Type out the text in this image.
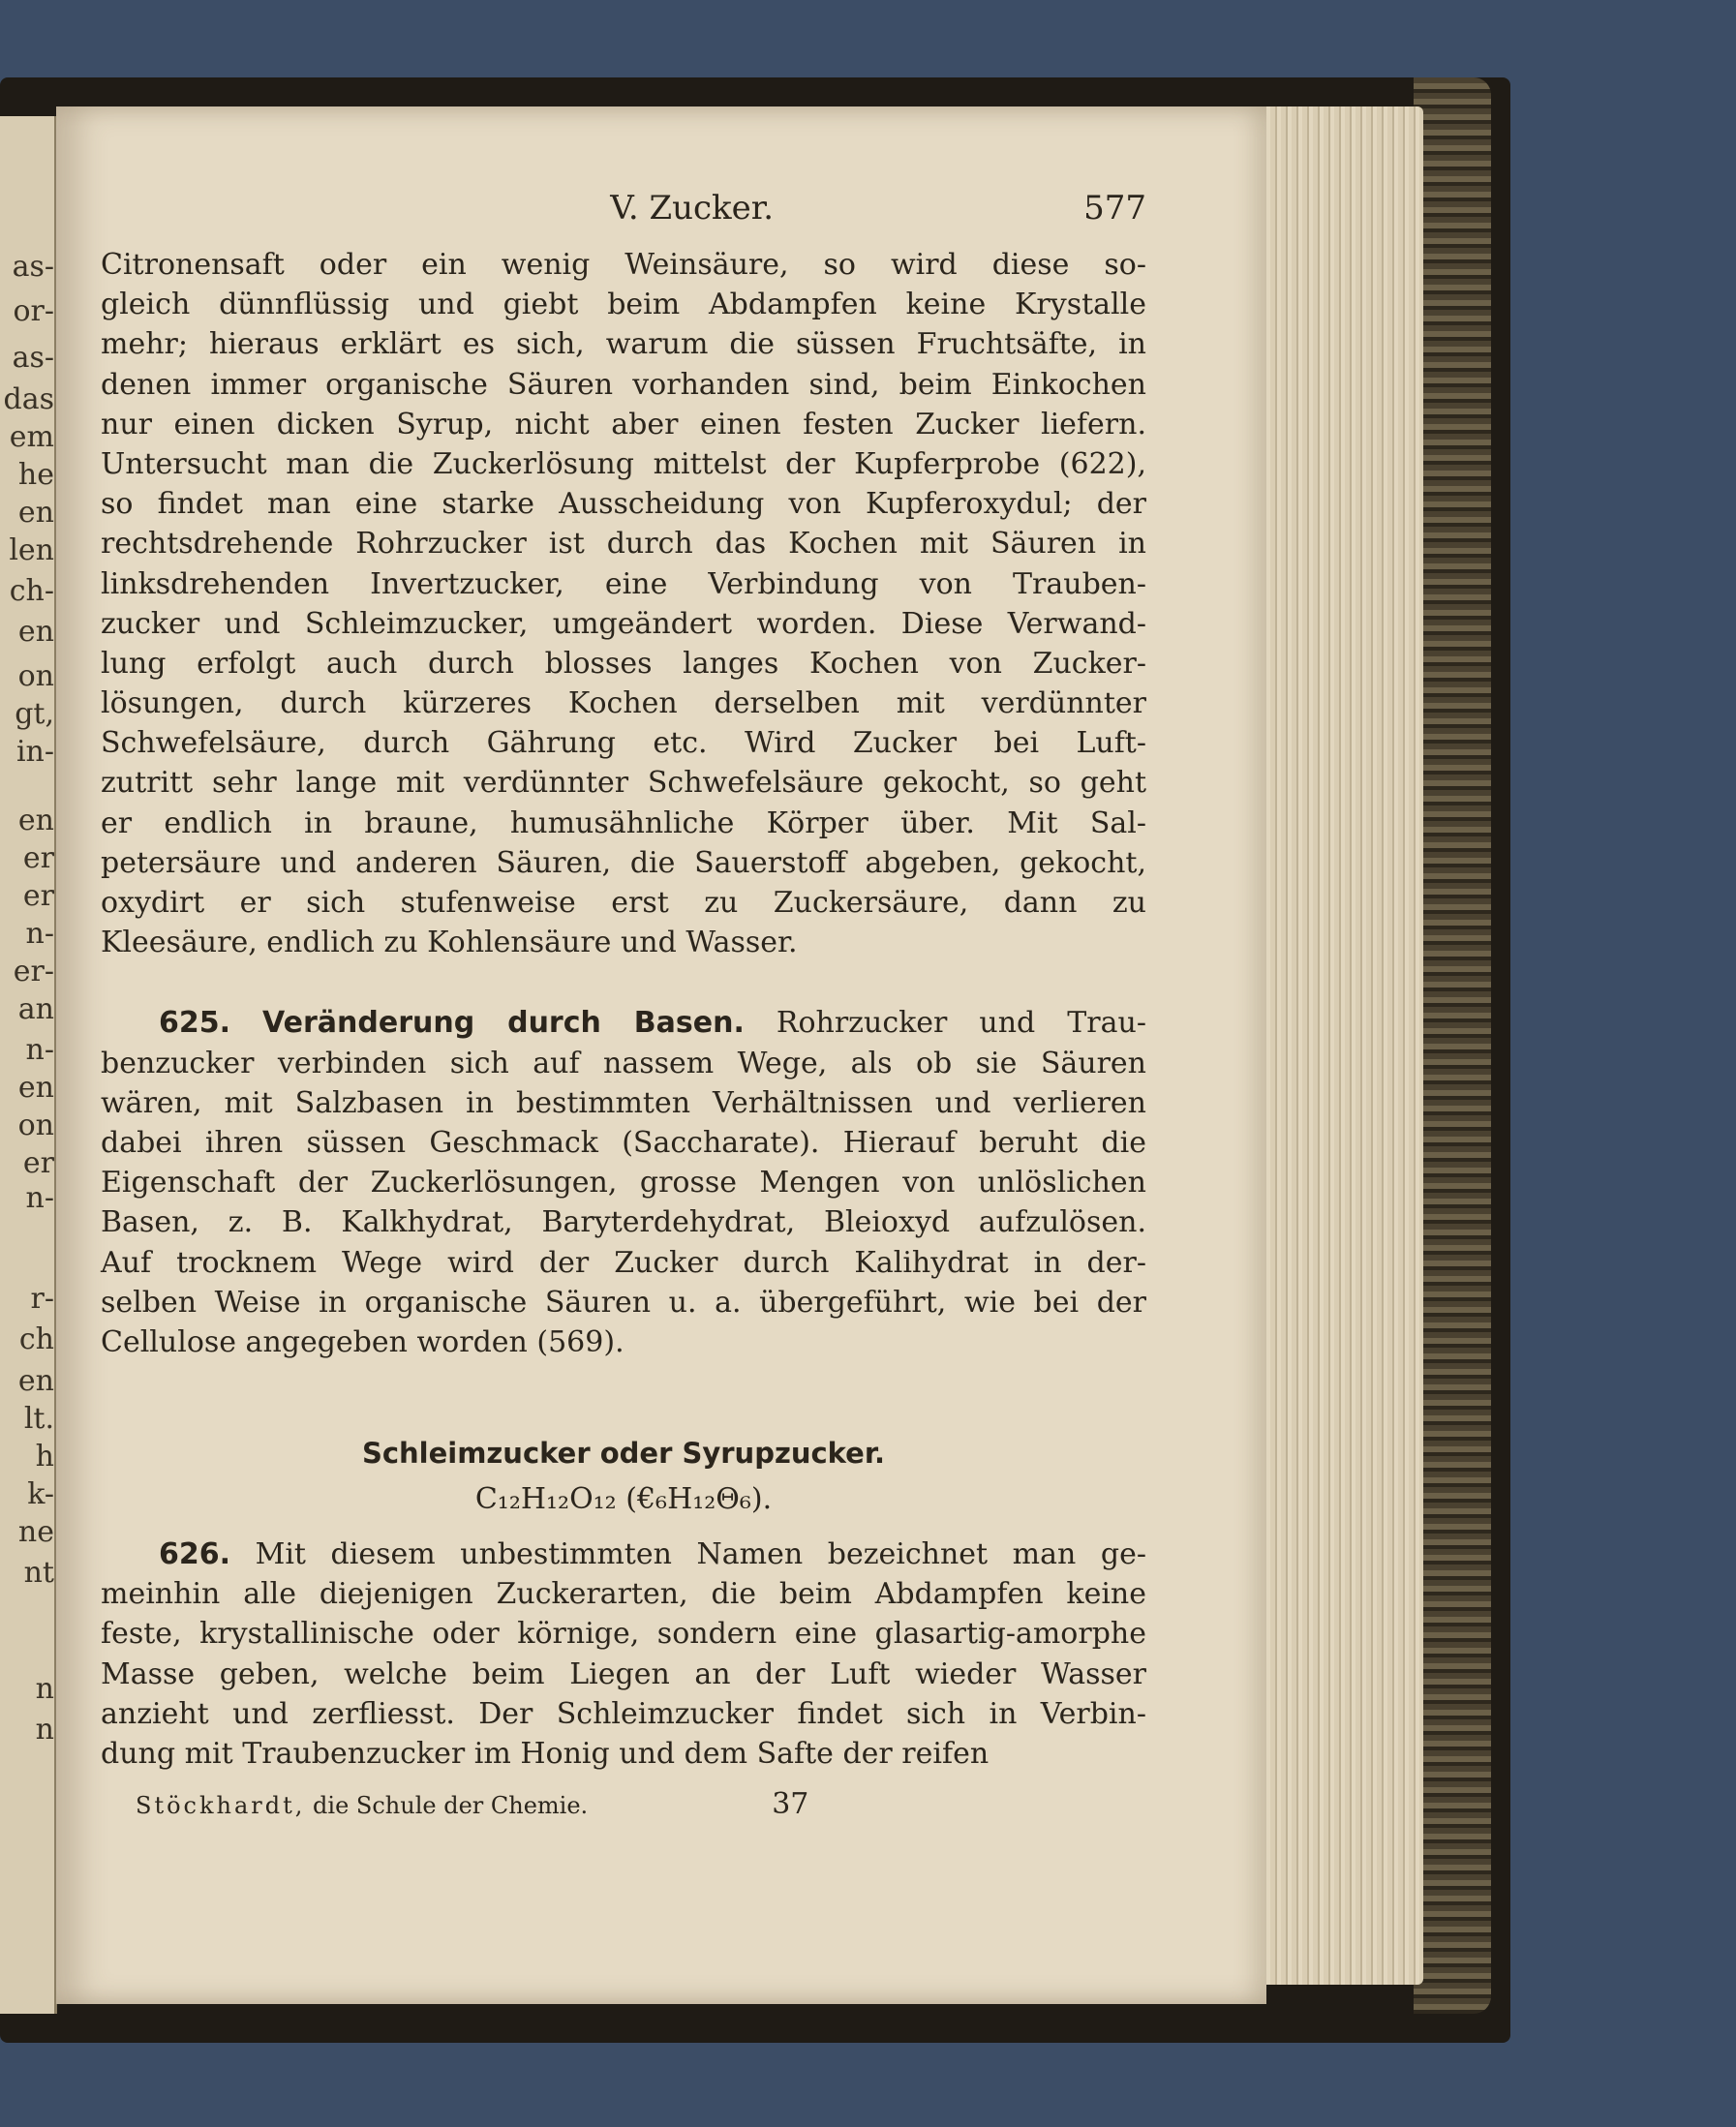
as-
or-
as-
das
em
he
en
len
ch-
en
on
gt,
in-
en
er
er
n-
er-
an
n-
en
on
er
n-
r-
ch
en
lt.
h
k-
ne
nt
n
n
V. Zucker.	577
Citronensaft oder ein wenig Weinsäure, so wird diese so-
gleich dünnflüssig und giebt beim Abdampfen keine Krystalle
mehr; hieraus erklärt es sich, warum die süssen Fruchtsäfte, in
denen immer organische Säuren vorhanden sind, beim Einkochen
nur einen dicken Syrup, nicht aber einen festen Zucker liefern.
Untersucht man die Zuckerlösung mittelst der Kupferprobe (622),
so findet man eine starke Ausscheidung von Kupferoxydul; der
rechtsdrehende Rohrzucker ist durch das Kochen mit Säuren in
linksdrehenden Invertzucker, eine Verbindung von Trauben-
zucker und Schleimzucker, umgeändert worden. Diese Verwand-
lung erfolgt auch durch blosses langes Kochen von Zucker-
lösungen, durch kürzeres Kochen derselben mit verdünnter
Schwefelsäure, durch Gährung etc. Wird Zucker bei Luft-
zutritt sehr lange mit verdünnter Schwefelsäure gekocht, so geht
er endlich in braune, humusähnliche Körper über. Mit Sal-
petersäure und anderen Säuren, die Sauerstoff abgeben, gekocht,
oxydirt er sich stufenweise erst zu Zuckersäure, dann zu
Kleesäure, endlich zu Kohlensäure und Wasser.
625. Veränderung durch Basen. Rohrzucker und Trau-
benzucker verbinden sich auf nassem Wege, als ob sie Säuren
wären, mit Salzbasen in bestimmten Verhältnissen und verlieren
dabei ihren süssen Geschmack (Saccharate). Hierauf beruht die
Eigenschaft der Zuckerlösungen, grosse Mengen von unlöslichen
Basen, z. B. Kalkhydrat, Baryterdehydrat, Bleioxyd aufzulösen.
Auf trocknem Wege wird der Zucker durch Kalihydrat in der-
selben Weise in organische Säuren u. a. übergeführt, wie bei der
Cellulose angegeben worden (569).
Schleimzucker oder Syrupzucker.
C₁₂H₁₂O₁₂ (€₆H₁₂Θ₆).
626. Mit diesem unbestimmten Namen bezeichnet man ge-
meinhin alle diejenigen Zuckerarten, die beim Abdampfen keine
feste, krystallinische oder körnige, sondern eine glasartig-amorphe
Masse geben, welche beim Liegen an der Luft wieder Wasser
anzieht und zerfliesst. Der Schleimzucker findet sich in Verbin-
dung mit Traubenzucker im Honig und dem Safte der reifen
Stöckhardt,
die Schule der Chemie.	37
